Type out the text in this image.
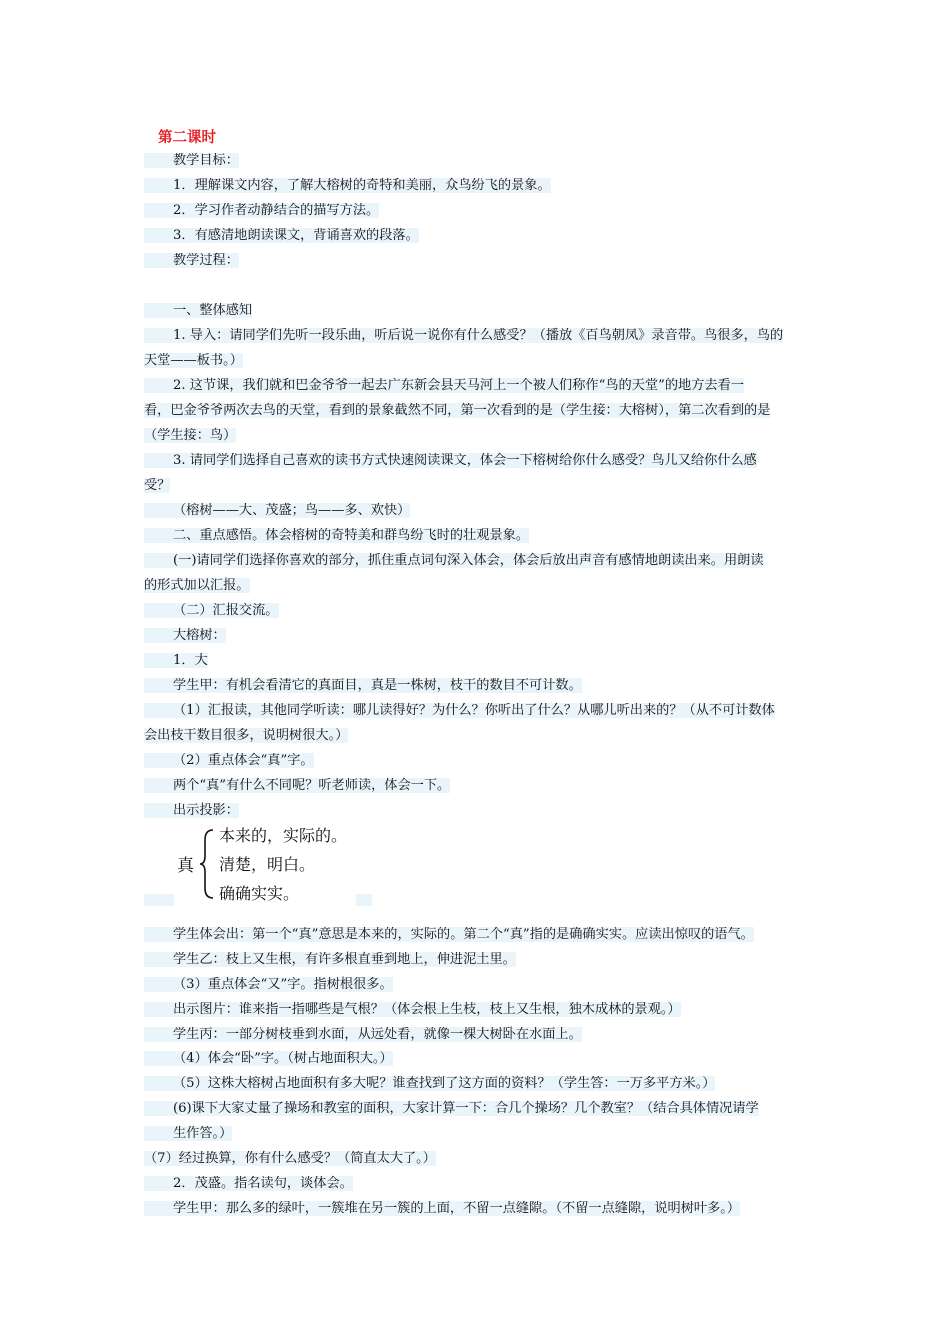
第二课时
教学目标：
1．理解课文内容，了解大榕树的奇特和美丽，众鸟纷飞的景象。
2．学习作者动静结合的描写方法。
3．有感清地朗读课文，背诵喜欢的段落。
教学过程：
一、整体感知
1. 导入：请同学们先听一段乐曲，听后说一说你有什么感受？（播放《百鸟朝凤》录音带。鸟很多，鸟的
天堂——板书。）
2. 这节课，我们就和巴金爷爷一起去广东新会县天马河上一个被人们称作“鸟的天堂”的地方去看一
看，巴金爷爷两次去鸟的天堂，看到的景象截然不同，第一次看到的是（学生接：大榕树），第二次看到的是
（学生接：鸟）
3. 请同学们选择自己喜欢的读书方式快速阅读课文，体会一下榕树给你什么感受？鸟儿又给你什么感
受？
（榕树——大、茂盛；鸟——多、欢快）
二、重点感悟。体会榕树的奇特美和群鸟纷飞时的壮观景象。
(一)请同学们选择你喜欢的部分，抓住重点词句深入体会，体会后放出声音有感情地朗读出来。用朗读
的形式加以汇报。
（二）汇报交流。
大榕树：
1．大
学生甲：有机会看清它的真面目，真是一株树，枝干的数目不可计数。
（1）汇报读，其他同学听读：哪儿读得好？为什么？你听出了什么？从哪儿听出来的？（从不可计数体
会出枝干数目很多，说明树很大。）
（2）重点体会“真”字。
两个“真”有什么不同呢？听老师读，体会一下。
出示投影：
学生体会出：第一个“真”意思是本来的，实际的。第二个“真”指的是确确实实。应读出惊叹的语气。
学生乙：枝上又生根，有许多根直垂到地上，伸进泥土里。
（3）重点体会“又”字。指树根很多。
出示图片：谁来指一指哪些是气根？（体会根上生枝，枝上又生根，独木成林的景观。）
学生丙：一部分树枝垂到水面，从远处看，就像一棵大树卧在水面上。
（4）体会“卧”字。（树占地面积大。）
（5）这株大榕树占地面积有多大呢？谁查找到了这方面的资料？（学生答：一万多平方米。）
(6)课下大家丈量了操场和教室的面积，大家计算一下：合几个操场？几个教室？（结合具体情况请学
生作答。）
（7）经过换算，你有什么感受？（简直太大了。）
2．茂盛。指名读句，谈体会。
学生甲：那么多的绿叶，一簇堆在另一簇的上面，不留一点缝隙。（不留一点缝隙，说明树叶多。）
真
本来的，实际的。
清楚，明白。
确确实实。
